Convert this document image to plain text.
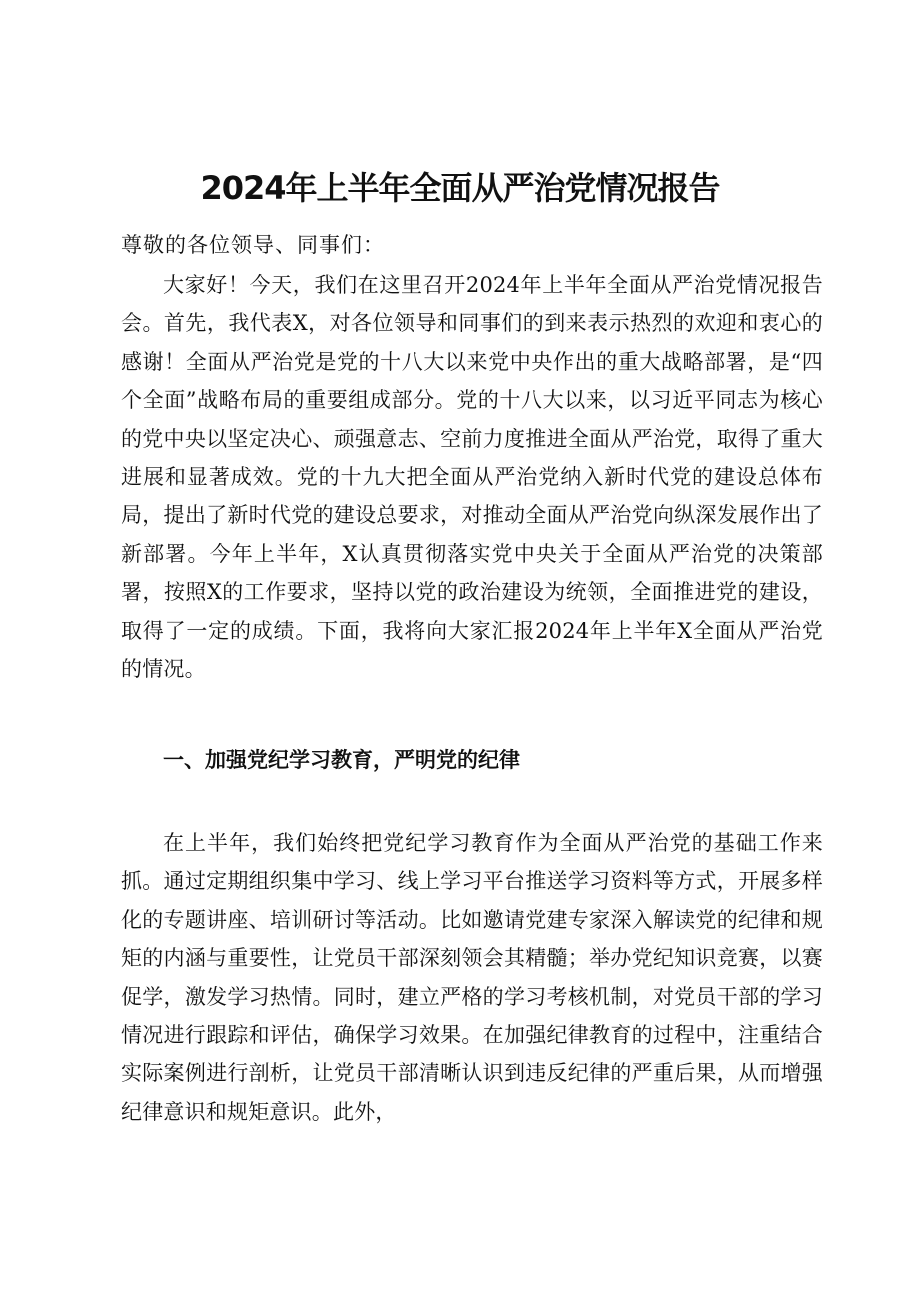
2024年上半年全面从严治党情况报告

尊敬的各位领导、同事们：

大家好！今天，我们在这里召开2024年上半年全面从严治党情况报告会。首先，我代表X，对各位领导和同事们的到来表示热烈的欢迎和衷心的感谢！全面从严治党是党的十八大以来党中央作出的重大战略部署，是“四个全面”战略布局的重要组成部分。党的十八大以来，以习近平同志为核心的党中央以坚定决心、顽强意志、空前力度推进全面从严治党，取得了重大进展和显著成效。党的十九大把全面从严治党纳入新时代党的建设总体布局，提出了新时代党的建设总要求，对推动全面从严治党向纵深发展作出了新部署。今年上半年，X认真贯彻落实党中央关于全面从严治党的决策部署，按照X的工作要求，坚持以党的政治建设为统领，全面推进党的建设，取得了一定的成绩。下面，我将向大家汇报2024年上半年X全面从严治党的情况。

一、加强党纪学习教育，严明党的纪律

在上半年，我们始终把党纪学习教育作为全面从严治党的基础工作来抓。通过定期组织集中学习、线上学习平台推送学习资料等方式，开展多样化的专题讲座、培训研讨等活动。比如邀请党建专家深入解读党的纪律和规矩的内涵与重要性，让党员干部深刻领会其精髓；举办党纪知识竞赛，以赛促学，激发学习热情。同时，建立严格的学习考核机制，对党员干部的学习情况进行跟踪和评估，确保学习效果。在加强纪律教育的过程中，注重结合实际案例进行剖析，让党员干部清晰认识到违反纪律的严重后果，从而增强纪律意识和规矩意识。此外，
